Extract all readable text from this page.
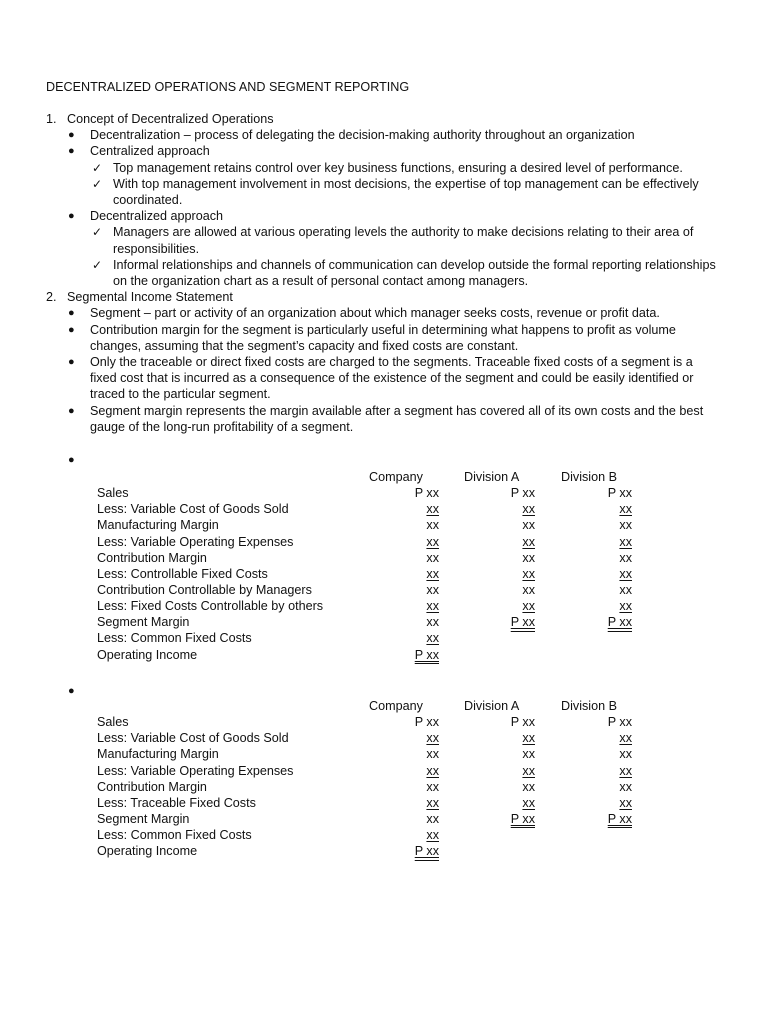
DECENTRALIZED OPERATIONS AND SEGMENT REPORTING
1. Concept of Decentralized Operations
● Decentralization – process of delegating the decision-making authority throughout an organization
● Centralized approach
✓ Top management retains control over key business functions, ensuring a desired level of performance.
✓ With top management involvement in most decisions, the expertise of top management can be effectively coordinated.
● Decentralized approach
✓ Managers are allowed at various operating levels the authority to make decisions relating to their area of responsibilities.
✓ Informal relationships and channels of communication can develop outside the formal reporting relationships on the organization chart as a result of personal contact among managers.
2. Segmental Income Statement
● Segment – part or activity of an organization about which manager seeks costs, revenue or profit data.
● Contribution margin for the segment is particularly useful in determining what happens to profit as volume changes, assuming that the segment’s capacity and fixed costs are constant.
● Only the traceable or direct fixed costs are charged to the segments. Traceable fixed costs of a segment is a fixed cost that is incurred as a consequence of the existence of the segment and could be easily identified or traced to the particular segment.
● Segment margin represents the margin available after a segment has covered all of its own costs and the best gauge of the long-run profitability of a segment.
●
Company	Division A	Division B
Sales	P xx	P xx	P xx
Less: Variable Cost of Goods Sold	xx	xx	xx
Manufacturing Margin	xx	xx	xx
Less: Variable Operating Expenses	xx	xx	xx
Contribution Margin	xx	xx	xx
Less: Controllable Fixed Costs	xx	xx	xx
Contribution Controllable by Managers	xx	xx	xx
Less: Fixed Costs Controllable by others	xx	xx	xx
Segment Margin	xx	P xx	P xx
Less: Common Fixed Costs	xx
Operating Income	P xx
●
Company	Division A	Division B
Sales	P xx	P xx	P xx
Less: Variable Cost of Goods Sold	xx	xx	xx
Manufacturing Margin	xx	xx	xx
Less: Variable Operating Expenses	xx	xx	xx
Contribution Margin	xx	xx	xx
Less: Traceable Fixed Costs	xx	xx	xx
Segment Margin	xx	P xx	P xx
Less: Common Fixed Costs	xx
Operating Income	P xx
